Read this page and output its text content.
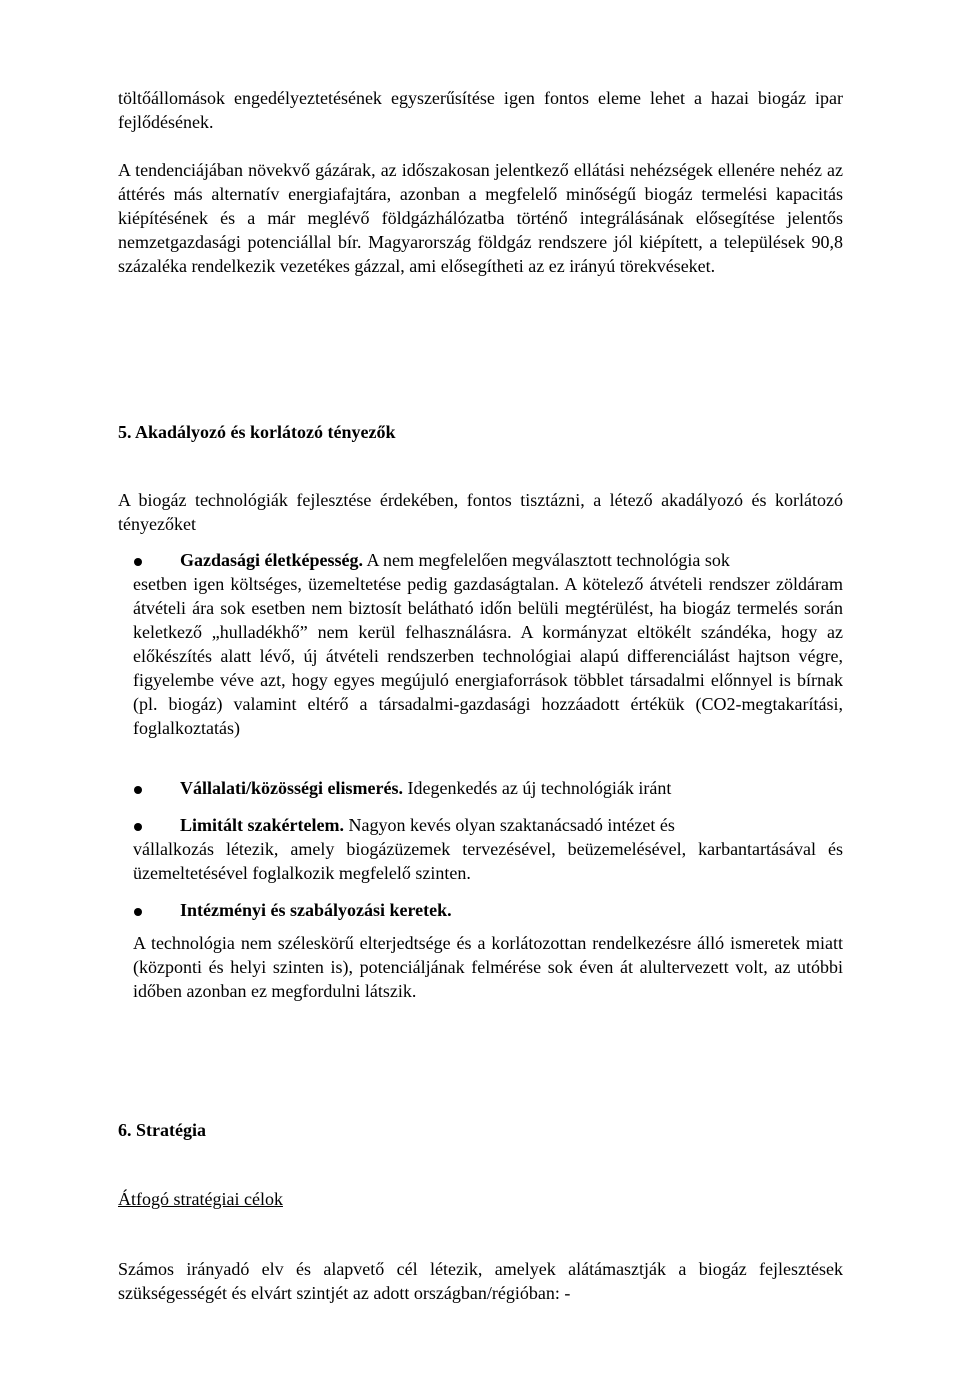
töltőállomások engedélyeztetésének egyszerűsítése igen fontos eleme lehet a hazai biogáz ipar fejlődésének.

A tendenciájában növekvő gázárak, az időszakosan jelentkező ellátási nehézségek ellenére nehéz az áttérés más alternatív energiafajtára, azonban a megfelelő minőségű biogáz termelési kapacitás kiépítésének és a már meglévő földgázhálózatba történő integrálásának elősegítése jelentős nemzetgazdasági potenciállal bír. Magyarország földgáz rendszere jól kiépített, a települések 90,8 százaléka rendelkezik vezetékes gázzal, ami elősegítheti az ez irányú törekvéseket.

5. Akadályozó és korlátozó tényezők

A biogáz technológiák fejlesztése érdekében, fontos tisztázni, a létező akadályozó és korlátozó tényezőket

Gazdasági életképesség. A nem megfelelően megválasztott technológia sok

esetben igen költséges, üzemeltetése pedig gazdaságtalan. A kötelező átvételi rendszer zöldáram átvételi ára sok esetben nem biztosít belátható időn belüli megtérülést, ha biogáz termelés során keletkező „hulladékhő” nem kerül felhasználásra. A kormányzat eltökélt szándéka, hogy az előkészítés alatt lévő, új átvételi rendszerben technológiai alapú differenciálást hajtson végre, figyelembe véve azt, hogy egyes megújuló energiaforrások többlet társadalmi előnnyel is bírnak (pl. biogáz) valamint eltérő a társadalmi-gazdasági hozzáadott értékük (CO2-megtakarítási, foglalkoztatás)

Vállalati/közösségi elismerés. Idegenkedés az új technológiák iránt

Limitált szakértelem. Nagyon kevés olyan szaktanácsadó intézet és

vállalkozás létezik, amely biogázüzemek tervezésével, beüzemelésével, karbantartásával és üzemeltetésével foglalkozik megfelelő szinten.

Intézményi és szabályozási keretek.

A technológia nem széleskörű elterjedtsége és a korlátozottan rendelkezésre álló ismeretek miatt (központi és helyi szinten is), potenciáljának felmérése sok éven át alultervezett volt, az utóbbi időben azonban ez megfordulni látszik.

6. Stratégia

Átfogó stratégiai célok

Számos irányadó elv és alapvető cél létezik, amelyek alátámasztják a biogáz fejlesztések szükségességét és elvárt szintjét az adott országban/régióban: -
